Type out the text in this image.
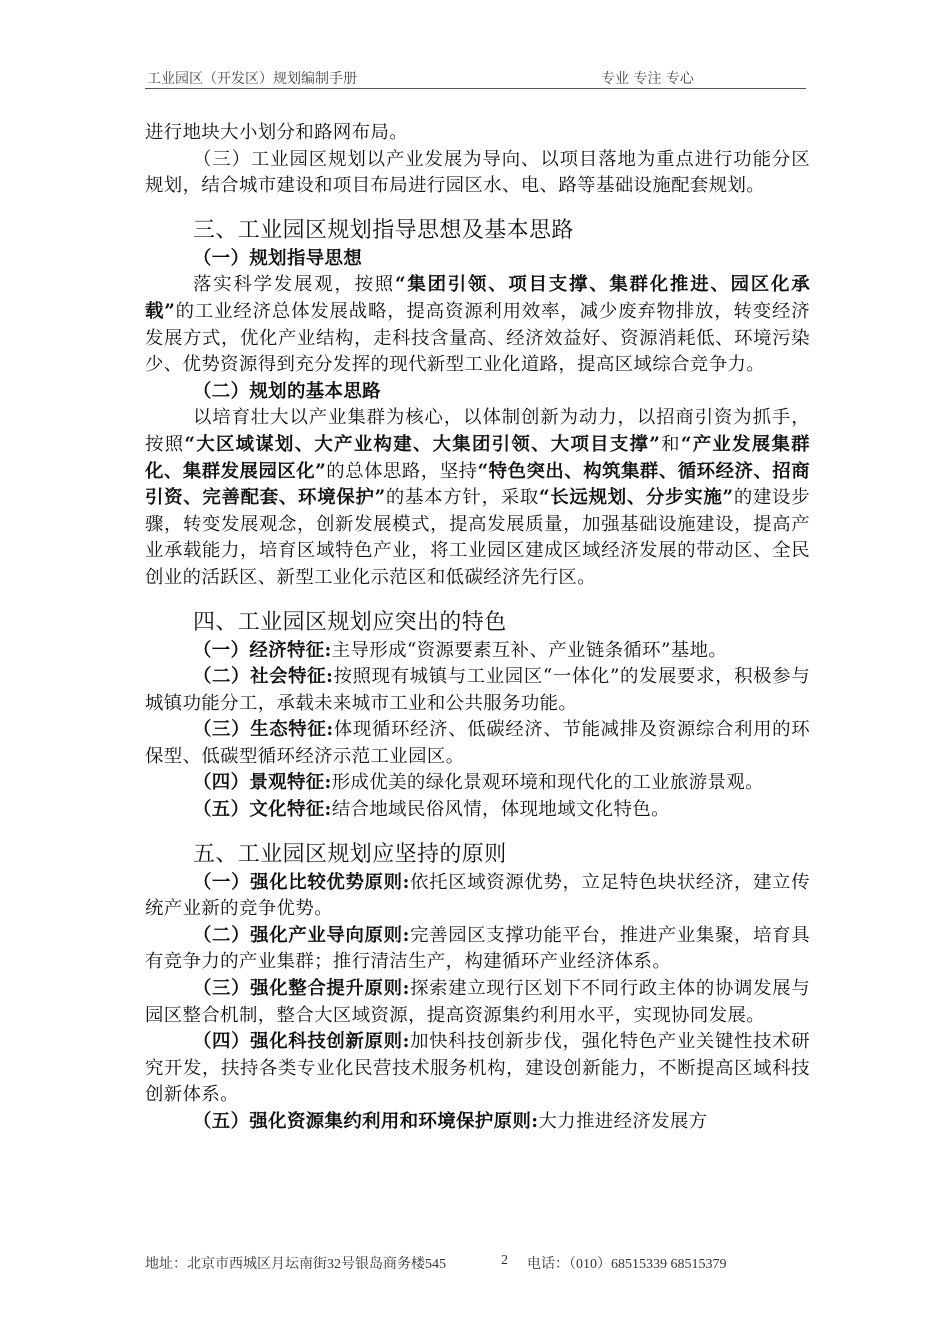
工业园区（开发区）规划编制手册	专业 专注 专心

进行地块大小划分和路网布局。

（三）工业园区规划以产业发展为导向、以项目落地为重点进行功能分区规划，结合城市建设和项目布局进行园区水、电、路等基础设施配套规划。

三、工业园区规划指导思想及基本思路
（一）规划指导思想

落实科学发展观，按照“集团引领、项目支撑、集群化推进、园区化承载”的工业经济总体发展战略，提高资源利用效率，减少废弃物排放，转变经济发展方式，优化产业结构，走科技含量高、经济效益好、资源消耗低、环境污染少、优势资源得到充分发挥的现代新型工业化道路，提高区域综合竞争力。

（二）规划的基本思路

以培育壮大以产业集群为核心，以体制创新为动力，以招商引资为抓手，按照“大区域谋划、大产业构建、大集团引领、大项目支撑”和“产业发展集群化、集群发展园区化”的总体思路，坚持“特色突出、构筑集群、循环经济、招商引资、完善配套、环境保护”的基本方针，采取“长远规划、分步实施”的建设步骤，转变发展观念，创新发展模式，提高发展质量，加强基础设施建设，提高产业承载能力，培育区域特色产业，将工业园区建成区域经济发展的带动区、全民创业的活跃区、新型工业化示范区和低碳经济先行区。

四、工业园区规划应突出的特色

（一）经济特征:主导形成“资源要素互补、产业链条循环”基地。

（二）社会特征:按照现有城镇与工业园区“一体化”的发展要求，积极参与城镇功能分工，承载未来城市工业和公共服务功能。

（三）生态特征:体现循环经济、低碳经济、节能减排及资源综合利用的环保型、低碳型循环经济示范工业园区。

（四）景观特征:形成优美的绿化景观环境和现代化的工业旅游景观。

（五）文化特征:结合地域民俗风情，体现地域文化特色。

五、工业园区规划应坚持的原则

（一）强化比较优势原则:依托区域资源优势，立足特色块状经济，建立传统产业新的竞争优势。

（二）强化产业导向原则:完善园区支撑功能平台，推进产业集聚，培育具有竞争力的产业集群；推行清洁生产，构建循环产业经济体系。

（三）强化整合提升原则:探索建立现行区划下不同行政主体的协调发展与园区整合机制，整合大区域资源，提高资源集约利用水平，实现协同发展。

（四）强化科技创新原则:加快科技创新步伐，强化特色产业关键性技术研究开发，扶持各类专业化民营技术服务机构，建设创新能力，不断提高区域科技创新体系。

（五）强化资源集约利用和环境保护原则:大力推进经济发展方

地址：北京市西城区月坛南街32号银岛商务楼545	2 电话：（010）68515339 68515379
